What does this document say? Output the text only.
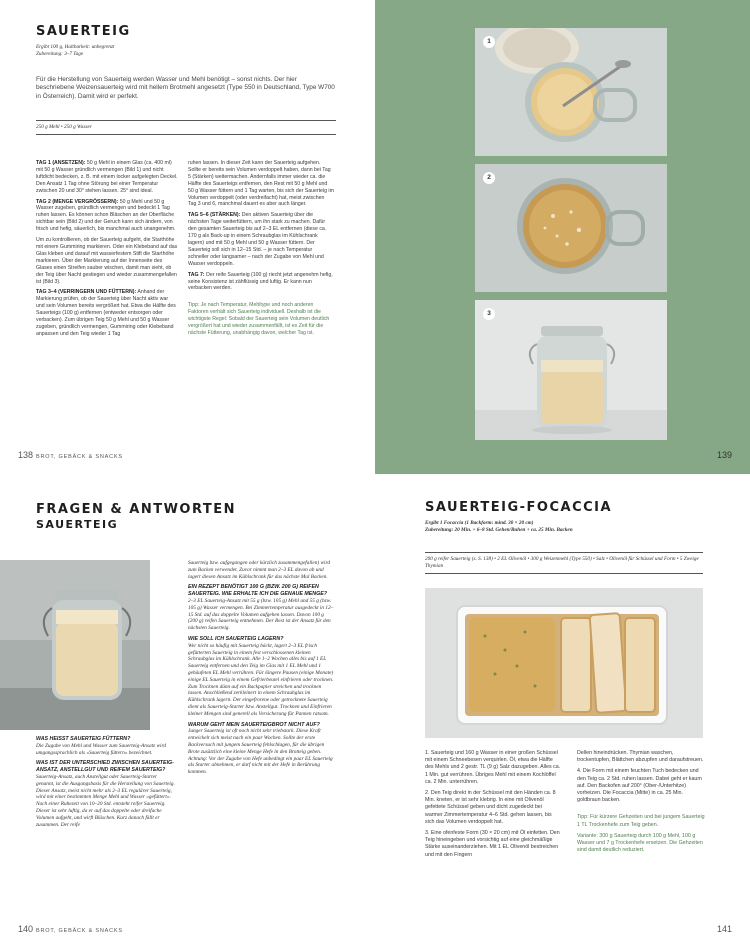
SAUERTEIG
Ergibt 100 g, Haltbarkeit: unbegrenzt
Zubereitung: 3–7 Tage
Für die Herstellung von Sauerteig werden Wasser und Mehl benötigt – sonst nichts. Der hier beschriebene Weizensauerteig wird mit hellem Brotmehl angesetzt (Type 550 in Deutschland, Type W700 in Österreich). Damit wird er perfekt.
250 g Mehl • 250 g Wasser

TAG 1 (ANSETZEN): 50 g Mehl in einem Glas (ca. 400 ml) mit 50 g Wasser gründlich vermengen (Bild 1) und nicht luftdicht bedecken, z. B. mit einem locker aufgelegten Deckel. Den Ansatz 1 Tag ohne Störung bei einer Temperatur zwischen 20 und 30° stehen lassen. 25° sind ideal.

TAG 2 (MENGE VERGRÖSSERN): 50 g Mehl und 50 g Wasser zugeben, gründlich vermengen und bedeckt 1 Tag ruhen lassen. Es können schon Bläschen an der Oberfläche sichtbar sein (Bild 2) und der Geruch kann sich ändern, von frisch und hefig, säuerlich, bis manchmal auch unangenehm.

Um zu kontrollieren, ob der Sauerteig aufgeht, die Starthöhe mit einem Gummiring markieren. Oder ein Klebeband auf das Glas kleben und darauf mit wasserfestem Stift die Starthöhe markieren. Über der Markierung auf der Innenseite des Glases einen Streifen sauber wischen, damit man sieht, ob der Teig über Nacht gestiegen und wieder zusammengefallen ist (Bild 3).

TAG 3–4 (VERRINGERN UND FÜTTERN): Anhand der Markierung prüfen, ob der Sauerteig über Nacht aktiv war und sein Volumen bereits vergrößert hat. Etwa die Hälfte des Sauerteigs (100 g) entfernen (entweder entsorgen oder verbacken). Zum übrigen Teig 50 g Mehl und 50 g Wasser zugeben, gründlich vermengen, Gummiring oder Klebeband anpassen und den Teig wieder 1 Tag

ruhen lassen. In dieser Zeit kann der Sauerteig aufgehen. Sollte er bereits sein Volumen verdoppelt haben, dann bei Tag 5 (Stärken) weitermachen. Andernfalls immer wieder ca. die Hälfte des Sauerteigs entfernen, den Rest mit 50 g Mehl und 50 g Wasser füttern und 1 Tag warten, bis sich der Sauerteig im Volumen verdoppelt (oder verdreifacht) hat, meist zwischen Tag 3 und 6, manchmal dauert es aber auch länger.

TAG 5–6 (STÄRKEN): Den aktiven Sauerteig über die nächsten Tage weiterfüttern, um ihn stark zu machen. Dafür den gesamten Sauerteig bis auf 2–3 EL entfernen (diese ca. 170 g als Back-up in einem Schraubglas im Kühlschrank lagern) und mit 50 g Mehl und 50 g Wasser füttern. Der Sauerteig soll sich in 12–15 Std. – je nach Temperatur schneller oder langsamer – nach der Zugabe von Mehl und Wasser verdoppeln.

TAG 7: Der reife Sauerteig (100 g) riecht jetzt angenehm hefig, seine Konsistenz ist zähflüssig und luftig. Er kann nun verbacken werden.

Tipp: Je nach Temperatur, Mehltype und noch anderen Faktoren verhält sich Sauerteig individuell. Deshalb ist die wichtigste Regel: Sobald der Sauerteig sein Volumen deutlich vergrößert hat und wieder zusammenfällt, ist es Zeit für die nächste Fütterung, unabhängig davon, welcher Tag ist.

138 BROT, GEBÄCK & SNACKS
1
2
3
139
FRAGEN & ANTWORTEN
SAUERTEIG

WAS HEISST SAUERTEIG FÜTTERN?
Die Zugabe von Mehl und Wasser zum Sauerteig-Ansatz wird umgangssprachlich als »Sauerteig füttern« bezeichnet.

WAS IST DER UNTERSCHIED ZWISCHEN SAUERTEIG-ANSATZ, ANSTELLGUT UND REIFEM SAUERTEIG?
Sauerteig-Ansatz, auch Anstellgut oder Sauerteig-Starter genannt, ist die Ausgangsbasis für die Herstellung von Sauerteig. Dieser Ansatz, meist nicht mehr als 2–3 EL regulärer Sauerteig, wird mit einer bestimmten Menge Mehl und Wasser »gefüttert«. Nach einer Ruhezeit von 10–20 Std. entsteht reifer Sauerteig. Dieser ist sehr luftig, da er auf das doppelte oder dreifache Volumen aufgeht, und wirft Bläschen. Kurz danach fällt er zusammen. Der reife

Sauerteig bzw. aufgegangen oder kürzlich zusammengefallen) wird zum Backen verwendet. Zuvor nimmt man 2–3 EL davon ab und lagert diesen Ansatz im Kühlschrank für das nächste Mal Backen.

EIN REZEPT BENÖTIGT 100 G (BZW. 200 G) REIFEN SAUERTEIG. WIE ERHALTE ICH DIE GENAUE MENGE?
2–3 EL Sauerteig-Ansatz mit 55 g (bzw. 105 g) Mehl und 55 g (bzw. 105 g) Wasser vermengen. Bei Zimmertemperatur ausgedeckt in 12–15 Std. auf das doppelte Volumen aufgehen lassen. Davon 100 g (200 g) reifen Sauerteig entnehmen. Der Rest ist der Ansatz für den nächsten Sauerteig.

WIE SOLL ICH SAUERTEIG LAGERN?
Wer nicht so häufig mit Sauerteig bäckt, lagert 2–3 EL frisch gefütterten Sauerteig in einem fest verschlossenen kleinen Schraubglas im Kühlschrank. Alle 1–2 Wochen alles bis auf 1 EL Sauerteig entfernen und den Teig im Glas mit 1 EL Mehl und 1 gehäufeten EL Mehl verrühren. Für längere Pausen (einige Monate) einige EL Sauerteig in einem Gefrierbeutel einfrieren oder trocknen. Zum Trocknen dünn auf ein Backpapier streichen und trocknen lassen. Anschließend zerkleinert in einem Schraubglas im Kühlschrank lagern. Der eingefrorene oder getrocknete Sauerteig dient als Sauerteig-Starter bzw. Anstellgut. Trocknen und Einfrieren kleiner Mengen sind generell als Versicherung für Pannen ratsam.

WARUM GEHT MEIN SAUERTEIGBROT NICHT AUF?
Junger Sauerteig ist oft noch nicht sehr triebstark. Diese Kraft entwickelt sich meist nach ein paar Wochen. Sollte der erste Backversuch mit jungem Sauerteig fehlschlagen, für die übrigen Brote zusätzlich eine kleine Menge Hefe in den Brotteig geben. Achtung: Vor der Zugabe von Hefe unbedingt ein paar EL Sauerteig als Starter abnehmen, er darf nicht mit der Hefe in Berührung kommen.

140 BROT, GEBÄCK & SNACKS
SAUERTEIG-FOCACCIA
Ergibt 1 Focaccia (1 Backform: mind. 30 × 20 cm)
Zubereitung: 20 Min. + 6–8 Std. Gehen/Ruhen + ca. 25 Min. Backen
200 g reifer Sauerteig (s. S. 138) • 2 EL Olivenöl • 300 g Weizenmehl (Type 550) • Salz • Olivenöl für Schüssel und Form • 5 Zweige Thymian

1. Sauerteig und 160 g Wasser in einer großen Schüssel mit einem Schneebesen verquirlen. Öl, etwa die Hälfte des Mehls und 2 gestr. TL (9 g) Salz dazugeben. Alles ca. 1 Min. gut verrühren. Übriges Mehl mit einem Kochlöffel ca. 2 Min. unterrühren.

2. Den Teig direkt in der Schüssel mit den Händen ca. 8 Min. kneten, er ist sehr klebrig. In eine mit Olivenöl gefettete Schüssel geben und dicht zugedeckt bei warmer Zimmertemperatur 4–6 Std. gehen lassen, bis sich das Volumen verdoppelt hat.

3. Eine ofenfeste Form (30 × 20 cm) mit Öl einfetten. Den Teig hineingeben und vorsichtig auf eine gleichmäßige Stärke auseinanderziehen. Mit 1 EL Olivenöl bestreichen und mit den Fingern

Dellen hineindrücken. Thymian waschen, trockentupfen, Blättchen abzupfen und daraufstreuen.

4. Die Form mit einem feuchten Tuch bedecken und den Teig ca. 2 Std. ruhen lassen. Dabei geht er kaum auf. Den Backofen auf 200° (Ober-/Unterhitze) vorheizen. Die Focaccia (Mitte) in ca. 25 Min. goldbraun backen.

Tipp: Für kürzere Gehzeiten und bei jungem Sauerteig 1 TL Trockenhefe zum Teig geben.

Variante: 300 g Sauerteig durch 100 g Mehl, 100 g Wasser und 7 g Trockenhefe ersetzen. Die Gehzeiten sind damit deutlich reduziert.

141
